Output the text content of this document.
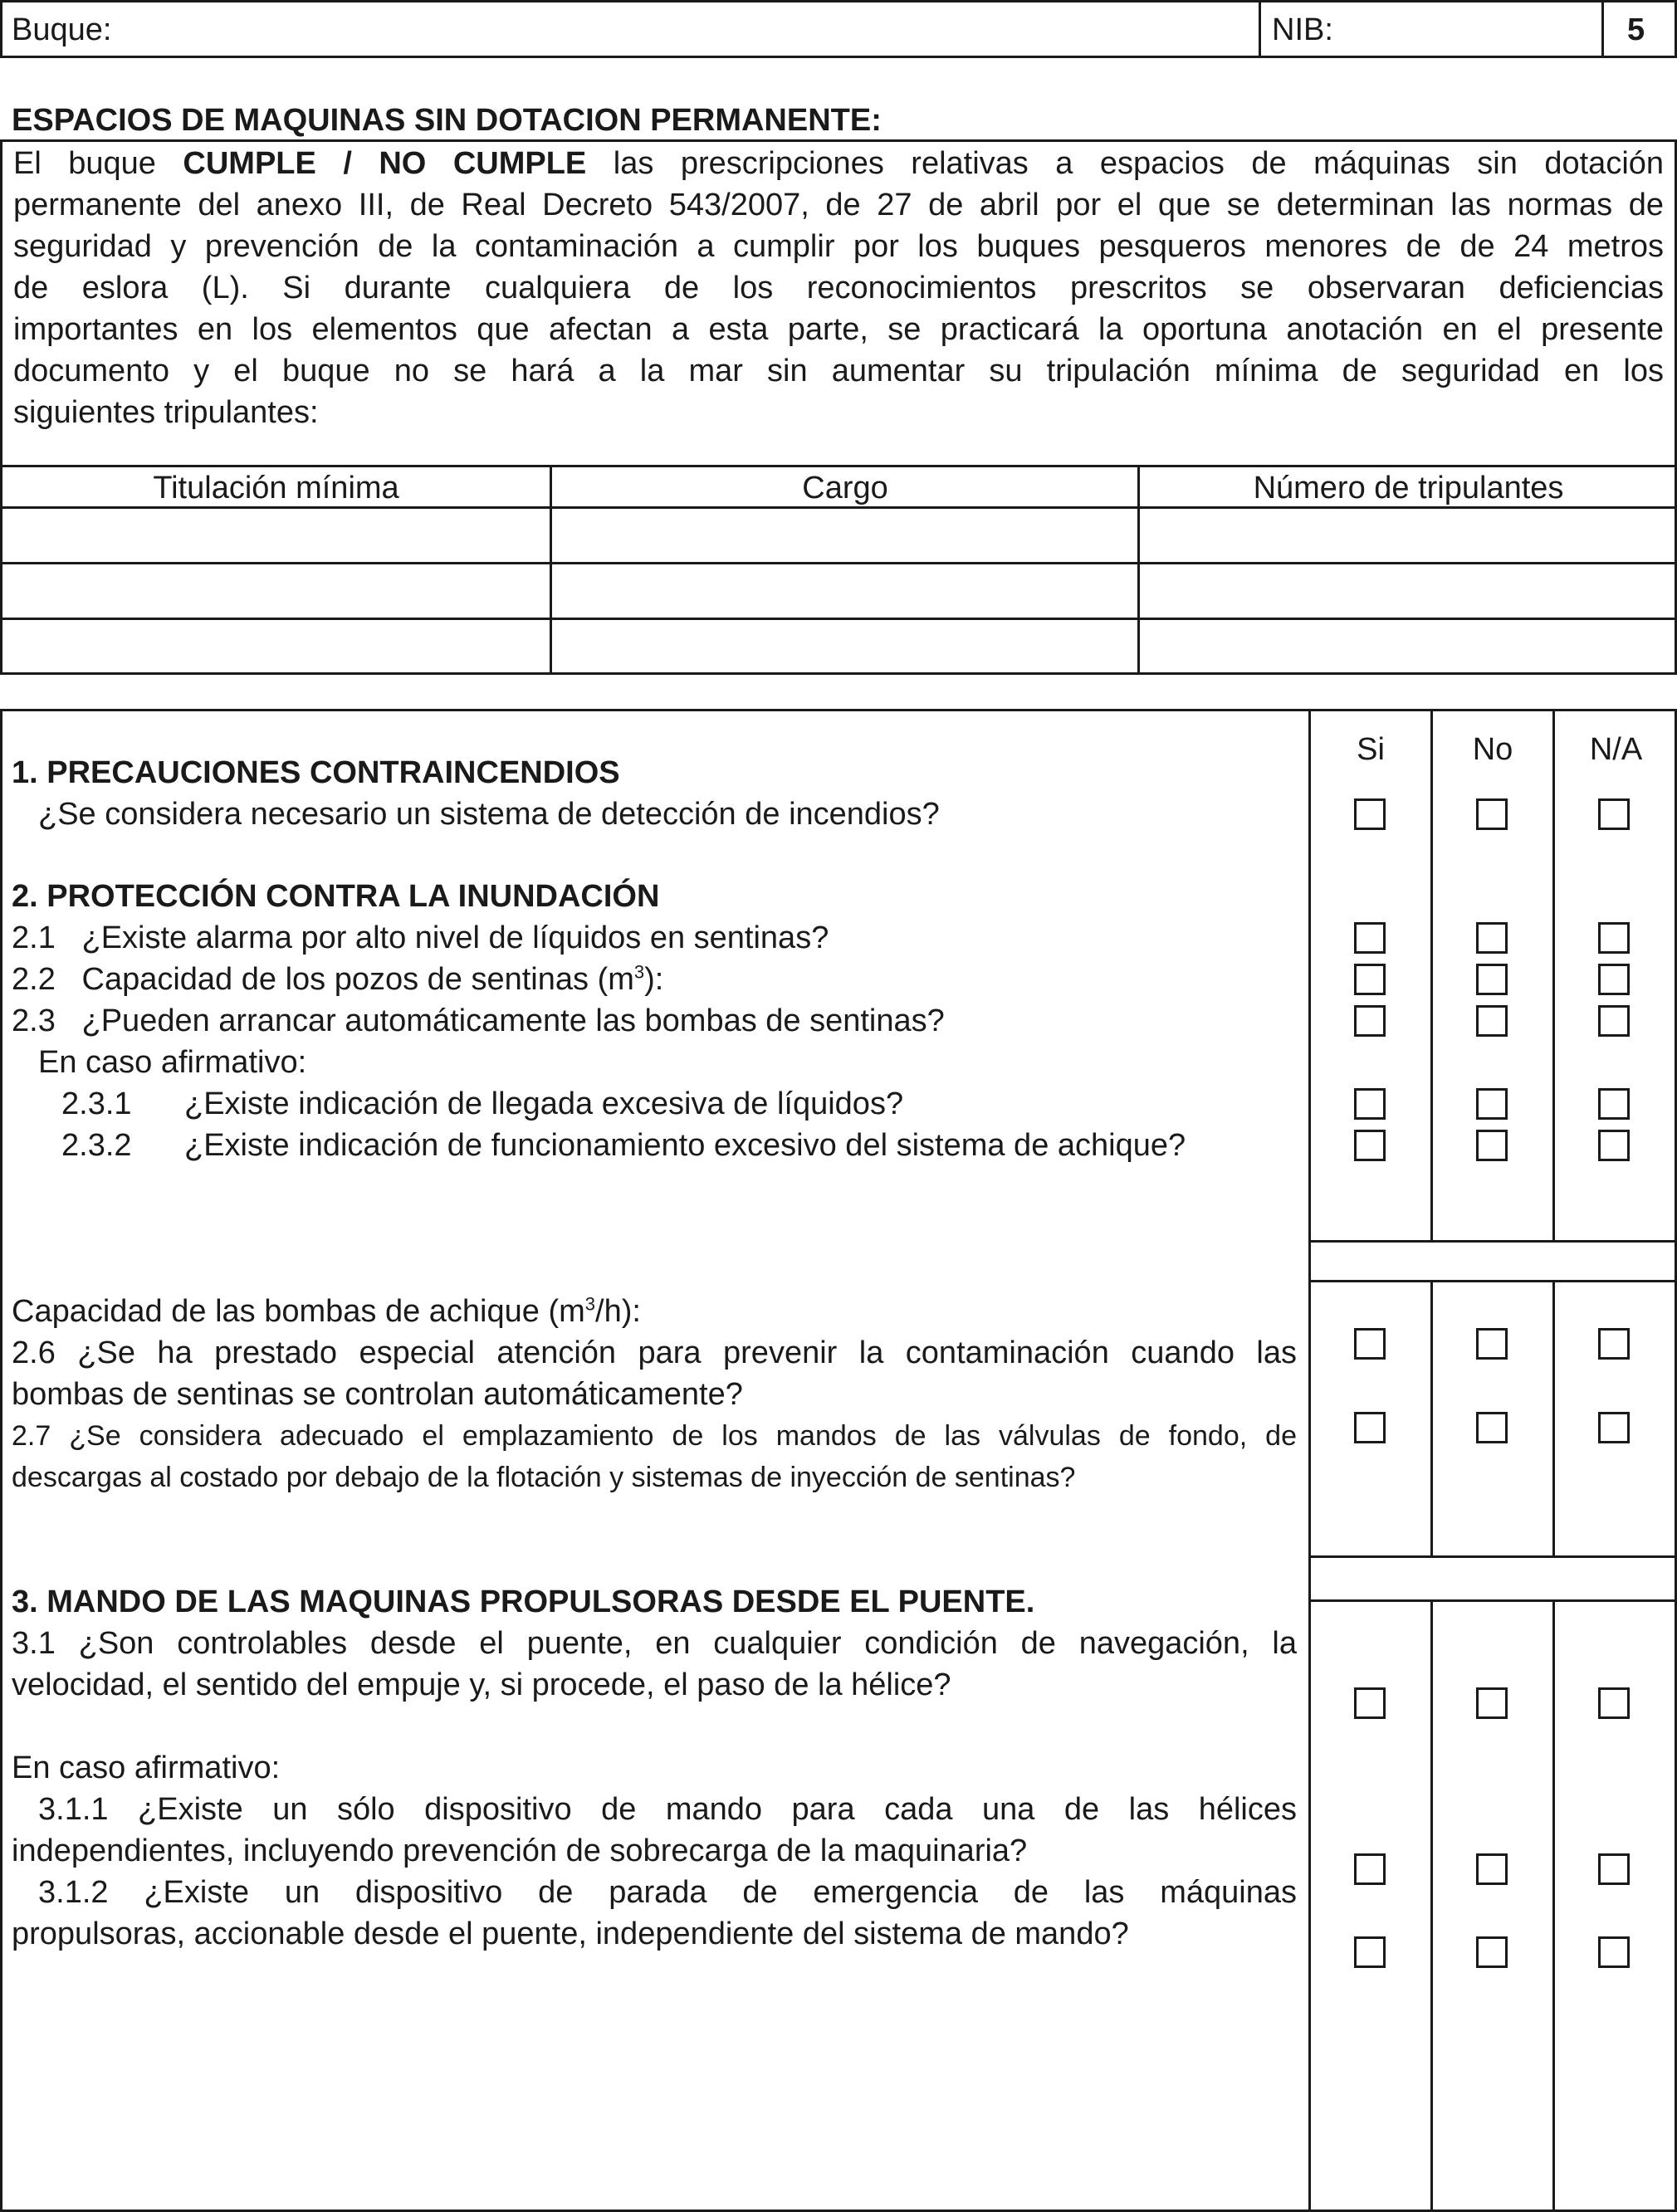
Buque:	NIB:	5
ESPACIOS DE MAQUINAS SIN DOTACION PERMANENTE:
El buque CUMPLE / NO CUMPLE las prescripciones relativas a espacios de máquinas sin dotación
permanente del anexo III, de Real Decreto 543/2007, de 27 de abril por el que se determinan las normas de
seguridad y prevención de la contaminación a cumplir por los buques pesqueros menores de de 24 metros
de eslora (L). Si durante cualquiera de los reconocimientos prescritos se observaran deficiencias
importantes en los elementos que afectan a esta parte, se practicará la oportuna anotación en el presente
documento y el buque no se hará a la mar sin aumentar su tripulación mínima de seguridad en los
siguientes tripulantes:
Titulación mínima	Cargo	Número de tripulantes
Si	No	N/A
1. PRECAUCIONES CONTRAINCENDIOS
¿Se considera necesario un sistema de detección de incendios?
2. PROTECCIÓN CONTRA LA INUNDACIÓN
2.1   ¿Existe alarma por alto nivel de líquidos en sentinas?
2.2   Capacidad de los pozos de sentinas $(m^3)$:
2.3   ¿Pueden arrancar automáticamente las bombas de sentinas?
En caso afirmativo:
2.3.1 ¿Existe indicación de llegada excesiva de líquidos?
2.3.2 ¿Existe indicación de funcionamiento excesivo del sistema de achique?
Capacidad de las bombas de achique $(m^3/h)$:
2.6 ¿Se ha prestado especial atención para prevenir la contaminación cuando las
bombas de sentinas se controlan automáticamente?
2.7 ¿Se considera adecuado el emplazamiento de los mandos de las válvulas de fondo, de
descargas al costado por debajo de la flotación y sistemas de inyección de sentinas?
3. MANDO DE LAS MAQUINAS PROPULSORAS DESDE EL PUENTE.
3.1 ¿Son controlables desde el puente, en cualquier condición de navegación, la
velocidad, el sentido del empuje y, si procede, el paso de la hélice?
En caso afirmativo:
3.1.1 ¿Existe un sólo dispositivo de mando para cada una de las hélices
independientes, incluyendo prevención de sobrecarga de la maquinaria?
3.1.2 ¿Existe un dispositivo de parada de emergencia de las máquinas
propulsoras, accionable desde el puente, independiente del sistema de mando?
